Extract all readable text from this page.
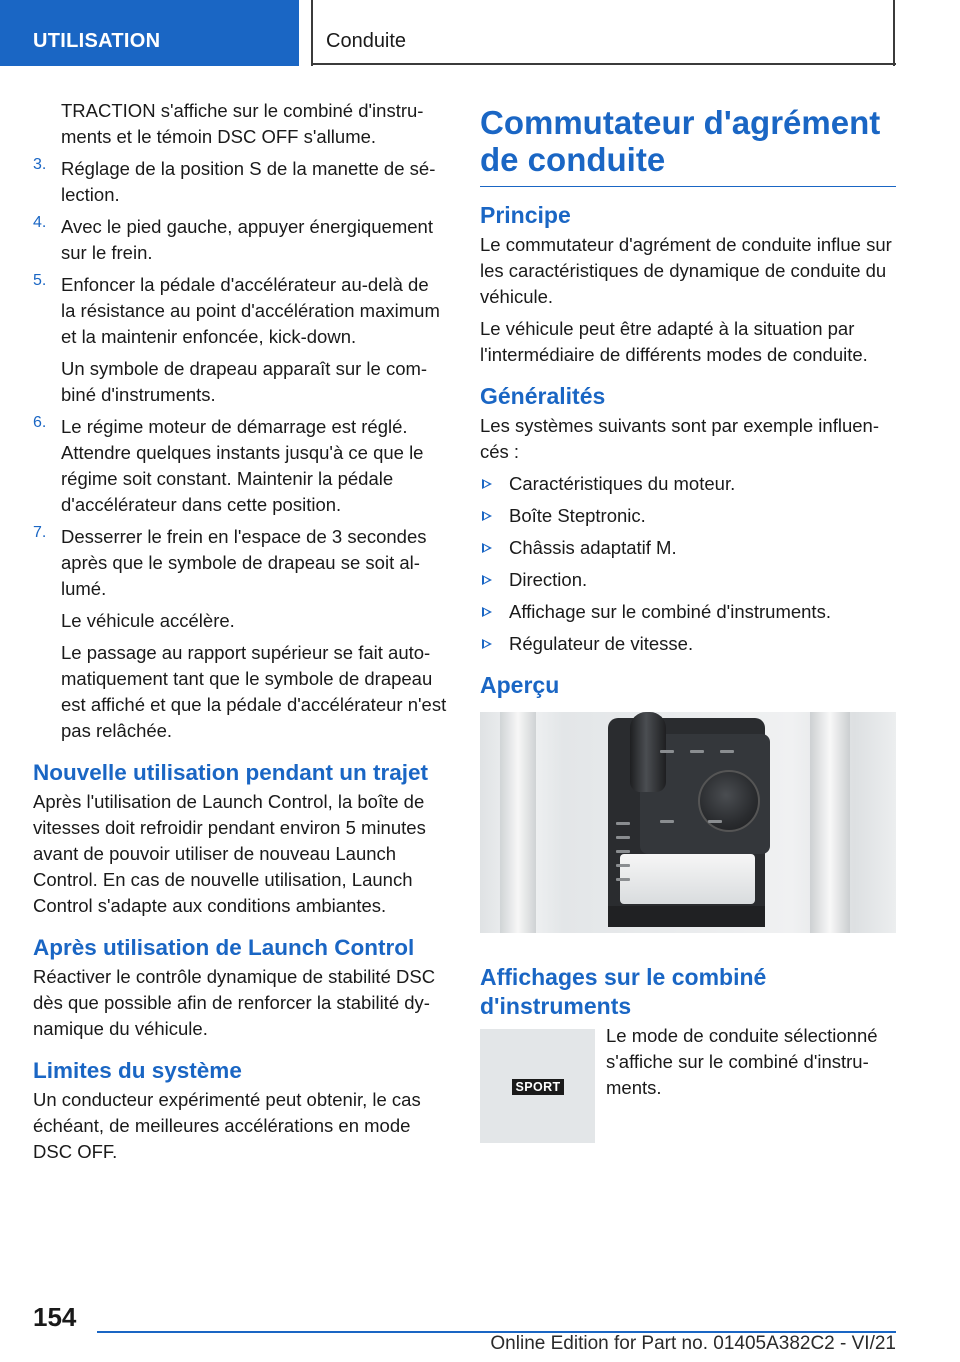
UTILISATION	Conduite

TRACTION s'affiche sur le combiné d'instruments et le témoin DSC OFF s'allume.

3. Réglage de la position S de la manette de sélection.

4. Avec le pied gauche, appuyer énergiquement sur le frein.

5. Enfoncer la pédale d'accélérateur au-delà de la résistance au point d'accélération maximum et la maintenir enfoncée, kick-down.

Un symbole de drapeau apparaît sur le combiné d'instruments.

6. Le régime moteur de démarrage est réglé. Attendre quelques instants jusqu'à ce que le régime soit constant. Maintenir la pédale d'accélérateur dans cette position.

7. Desserrer le frein en l'espace de 3 secondes après que le symbole de drapeau se soit allumé.

Le véhicule accélère.

Le passage au rapport supérieur se fait automatiquement tant que le symbole de drapeau est affiché et que la pédale d'accélérateur n'est pas relâchée.

Nouvelle utilisation pendant un trajet

Après l'utilisation de Launch Control, la boîte de vitesses doit refroidir pendant environ 5 minutes avant de pouvoir utiliser de nouveau Launch Control. En cas de nouvelle utilisation, Launch Control s'adapte aux conditions ambiantes.

Après utilisation de Launch Control

Réactiver le contrôle dynamique de stabilité DSC dès que possible afin de renforcer la stabilité dynamique du véhicule.

Limites du système

Un conducteur expérimenté peut obtenir, le cas échéant, de meilleures accélérations en mode DSC OFF.

Commutateur d'agrément de conduite
Principe

Le commutateur d'agrément de conduite influe sur les caractéristiques de dynamique de conduite du véhicule.

Le véhicule peut être adapté à la situation par l'intermédiaire de différents modes de conduite.

Généralités

Les systèmes suivants sont par exemple influencés :

Caractéristiques du moteur.

Boîte Steptronic.

Châssis adaptatif M.

Direction.

Affichage sur le combiné d'instruments.

Régulateur de vitesse.

Aperçu
Affichages sur le combiné d'instruments
SPORT

Le mode de conduite sélectionné s'affiche sur le combiné d'instruments.

154
Online Edition for Part no. 01405A382C2 - VI/21
